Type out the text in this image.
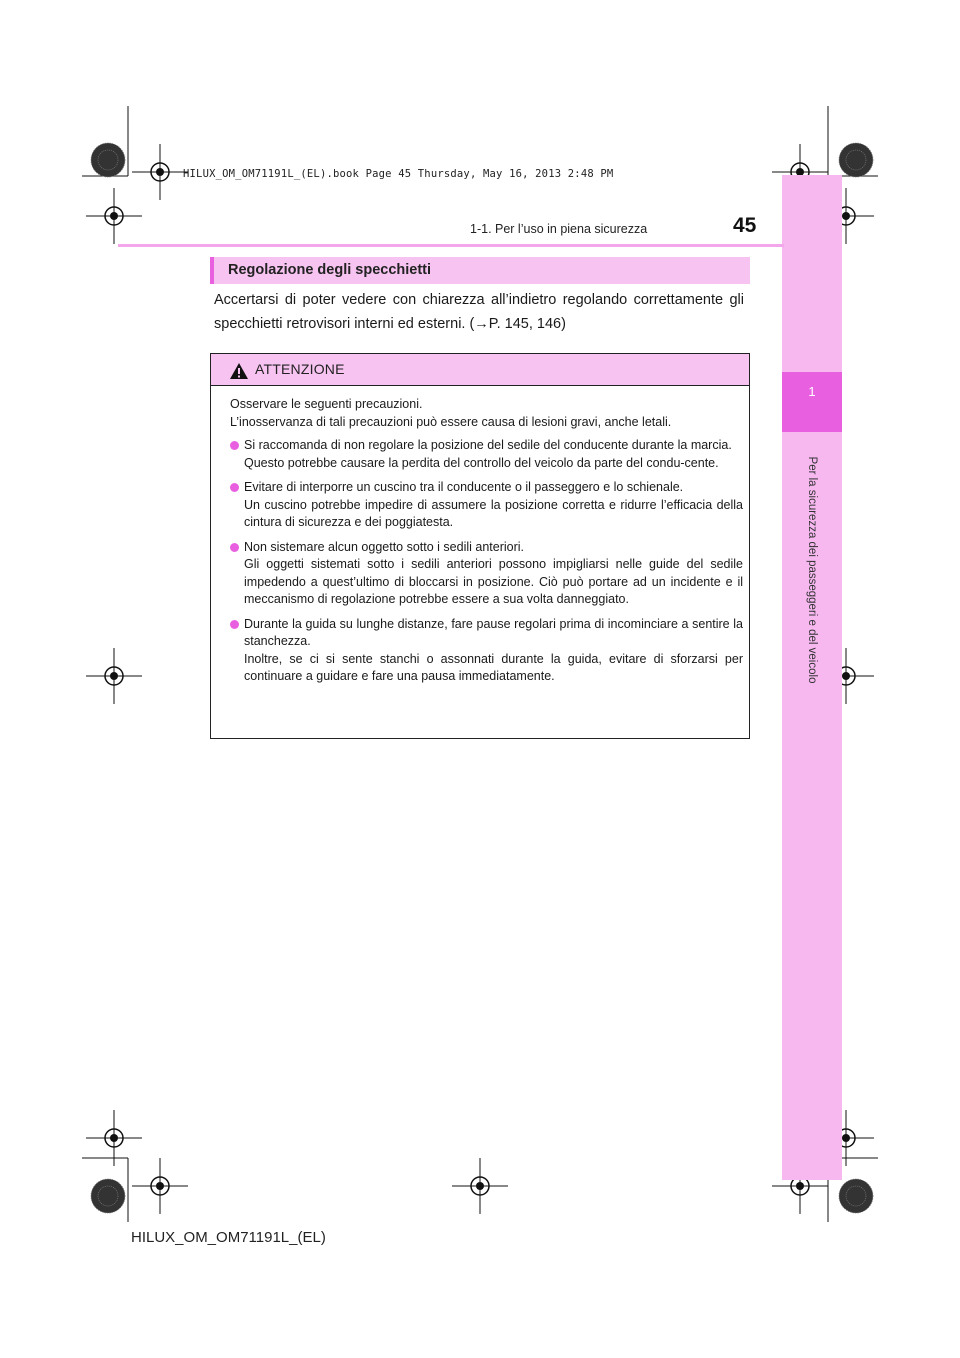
HILUX_OM_OM71191L_(EL).book Page 45 Thursday, May 16, 2013 2:48 PM
1
Per la sicurezza dei passeggeri e del veicolo
1-1. Per l’uso in piena sicurezza	45
Regolazione degli specchietti

Accertarsi di poter vedere con chiarezza all’indietro regolando correttamente gli specchietti retrovisori interni ed esterni. (→P. 145, 146)

ATTENZIONE

Osservare le seguenti precauzioni.
L’inosservanza di tali precauzioni può essere causa di lesioni gravi, anche letali.

Si raccomanda di non regolare la posizione del sedile del conducente durante la marcia.
Questo potrebbe causare la perdita del controllo del veicolo da parte del condu-cente.

Evitare di interporre un cuscino tra il conducente o il passeggero e lo schienale.
Un cuscino potrebbe impedire di assumere la posizione corretta e ridurre l’efficacia della cintura di sicurezza e dei poggiatesta.

Non sistemare alcun oggetto sotto i sedili anteriori.
Gli oggetti sistemati sotto i sedili anteriori possono impigliarsi nelle guide del sedile impedendo a quest’ultimo di bloccarsi in posizione. Ciò può portare ad un incidente e il meccanismo di regolazione potrebbe essere a sua volta danneggiato.

Durante la guida su lunghe distanze, fare pause regolari prima di incominciare a sentire la stanchezza.
Inoltre, se ci si sente stanchi o assonnati durante la guida, evitare di sforzarsi per continuare a guidare e fare una pausa immediatamente.

HILUX_OM_OM71191L_(EL)
